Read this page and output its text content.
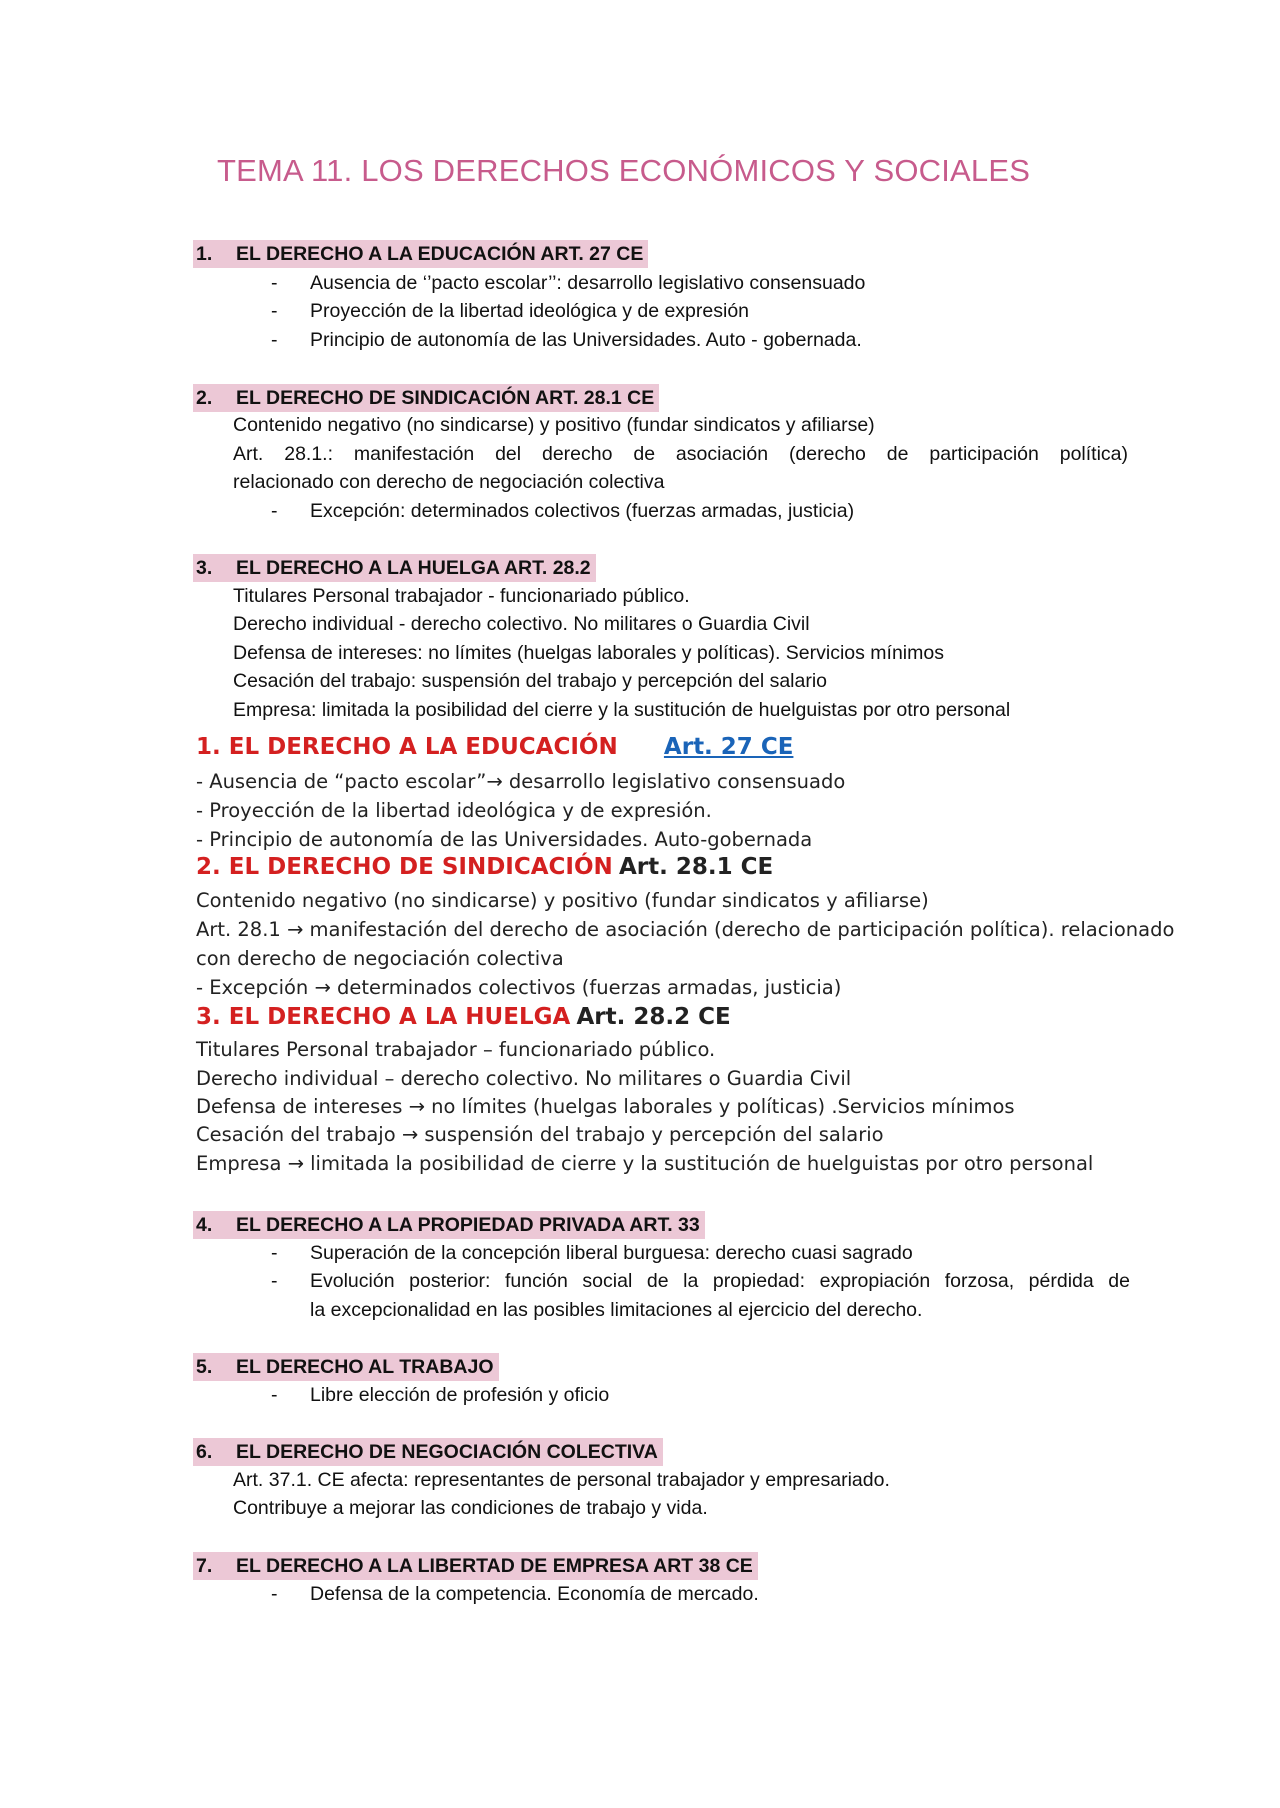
TEMA 11. LOS DERECHOS ECONÓMICOS Y SOCIALES
1. EL DERECHO A LA EDUCACIÓN ART. 27 CE
- Ausencia de ‘’pacto escolar’’: desarrollo legislativo consensuado
- Proyección de la libertad ideológica y de expresión
- Principio de autonomía de las Universidades. Auto - gobernada.
2. EL DERECHO DE SINDICACIÓN ART. 28.1 CE
Contenido negativo (no sindicarse) y positivo (fundar sindicatos y afiliarse)
Art. 28.1.: manifestación del derecho de asociación (derecho de participación política)
relacionado con derecho de negociación colectiva
- Excepción: determinados colectivos (fuerzas armadas, justicia)
3. EL DERECHO A LA HUELGA ART. 28.2
Titulares Personal trabajador - funcionariado público.
Derecho individual - derecho colectivo. No militares o Guardia Civil
Defensa de intereses: no límites (huelgas laborales y políticas). Servicios mínimos
Cesación del trabajo: suspensión del trabajo y percepción del salario
Empresa: limitada la posibilidad del cierre y la sustitución de huelguistas por otro personal
1. EL DERECHO A LA EDUCACIÓN Art. 27 CE
- Ausencia de “pacto escolar”→ desarrollo legislativo consensuado
- Proyección de la libertad ideológica y de expresión.
- Principio de autonomía de las Universidades. Auto-gobernada
2. EL DERECHO DE SINDICACIÓN Art. 28.1 CE
Contenido negativo (no sindicarse) y positivo (fundar sindicatos y afiliarse)
Art. 28.1 → manifestación del derecho de asociación (derecho de participación política). relacionado
con derecho de negociación colectiva
- Excepción → determinados colectivos (fuerzas armadas, justicia)
3. EL DERECHO A LA HUELGA Art. 28.2 CE
Titulares Personal trabajador – funcionariado público.
Derecho individual – derecho colectivo. No militares o Guardia Civil
Defensa de intereses → no límites (huelgas laborales y políticas) .Servicios mínimos
Cesación del trabajo → suspensión del trabajo y percepción del salario
Empresa → limitada la posibilidad de cierre y la sustitución de huelguistas por otro personal
4. EL DERECHO A LA PROPIEDAD PRIVADA ART. 33
- Superación de la concepción liberal burguesa: derecho cuasi sagrado
- Evolución posterior: función social de la propiedad: expropiación forzosa, pérdida de
la excepcionalidad en las posibles limitaciones al ejercicio del derecho.
5. EL DERECHO AL TRABAJO
- Libre elección de profesión y oficio
6. EL DERECHO DE NEGOCIACIÓN COLECTIVA
Art. 37.1. CE afecta: representantes de personal trabajador y empresariado.
Contribuye a mejorar las condiciones de trabajo y vida.
7. EL DERECHO A LA LIBERTAD DE EMPRESA ART 38 CE
- Defensa de la competencia. Economía de mercado.
